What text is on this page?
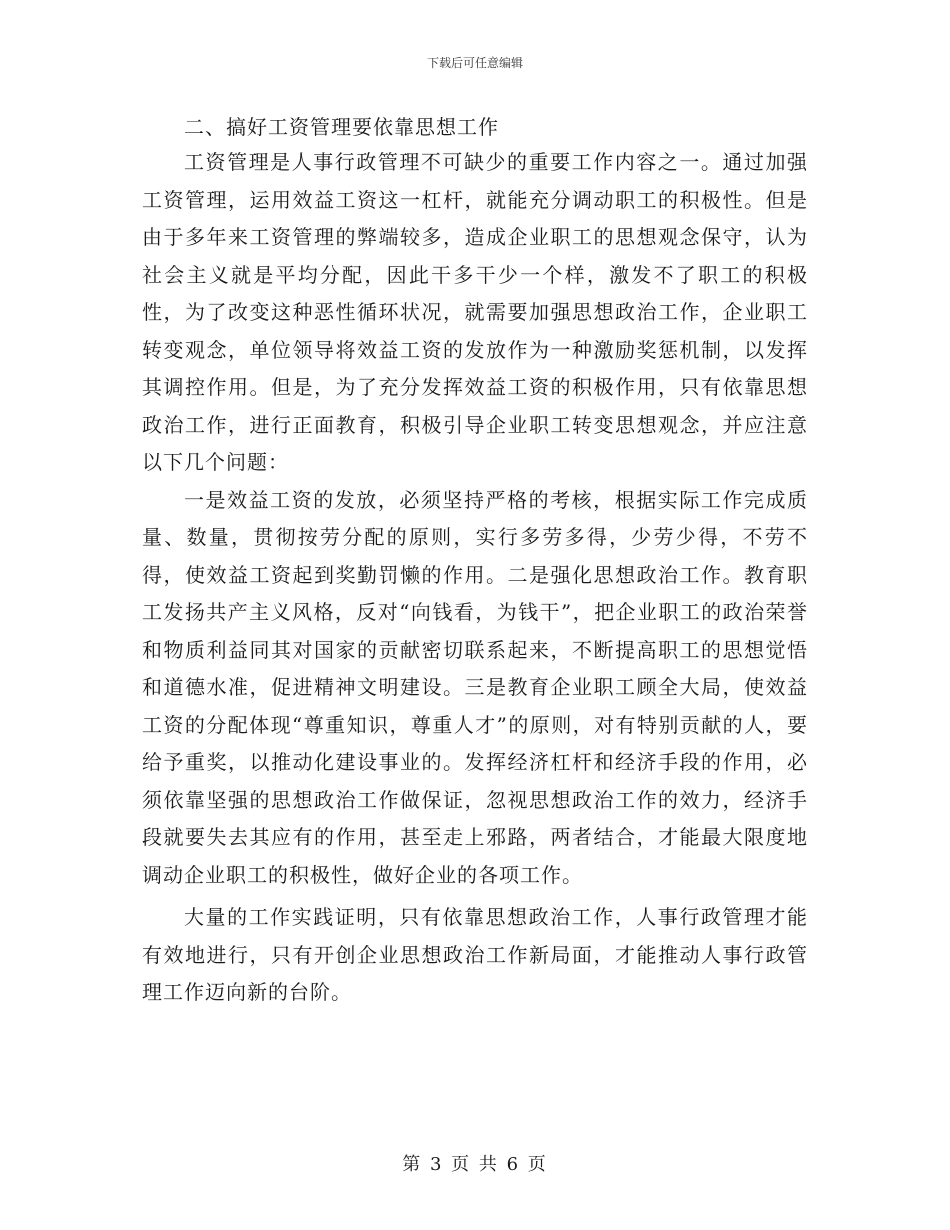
下载后可任意编辑
二、搞好工资管理要依靠思想工作

工资管理是人事行政管理不可缺少的重要工作内容之一。通过加强工资管理，运用效益工资这一杠杆，就能充分调动职工的积极性。但是由于多年来工资管理的弊端较多，造成企业职工的思想观念保守，认为社会主义就是平均分配，因此干多干少一个样，激发不了职工的积极性，为了改变这种恶性循环状况，就需要加强思想政治工作，企业职工转变观念，单位领导将效益工资的发放作为一种激励奖惩机制，以发挥其调控作用。但是，为了充分发挥效益工资的积极作用，只有依靠思想政治工作，进行正面教育，积极引导企业职工转变思想观念，并应注意以下几个问题：

一是效益工资的发放，必须坚持严格的考核，根据实际工作完成质量、数量，贯彻按劳分配的原则，实行多劳多得，少劳少得，不劳不得，使效益工资起到奖勤罚懒的作用。二是强化思想政治工作。教育职工发扬共产主义风格，反对“向钱看，为钱干”，把企业职工的政治荣誉和物质利益同其对国家的贡献密切联系起来，不断提高职工的思想觉悟和道德水准，促进精神文明建设。三是教育企业职工顾全大局，使效益工资的分配体现“尊重知识，尊重人才”的原则，对有特别贡献的人，要给予重奖，以推动化建设事业的。发挥经济杠杆和经济手段的作用，必须依靠坚强的思想政治工作做保证，忽视思想政治工作的效力，经济手段就要失去其应有的作用，甚至走上邪路，两者结合，才能最大限度地调动企业职工的积极性，做好企业的各项工作。

大量的工作实践证明，只有依靠思想政治工作，人事行政管理才能有效地进行，只有开创企业思想政治工作新局面，才能推动人事行政管理工作迈向新的台阶。

第 3 页 共 6 页
